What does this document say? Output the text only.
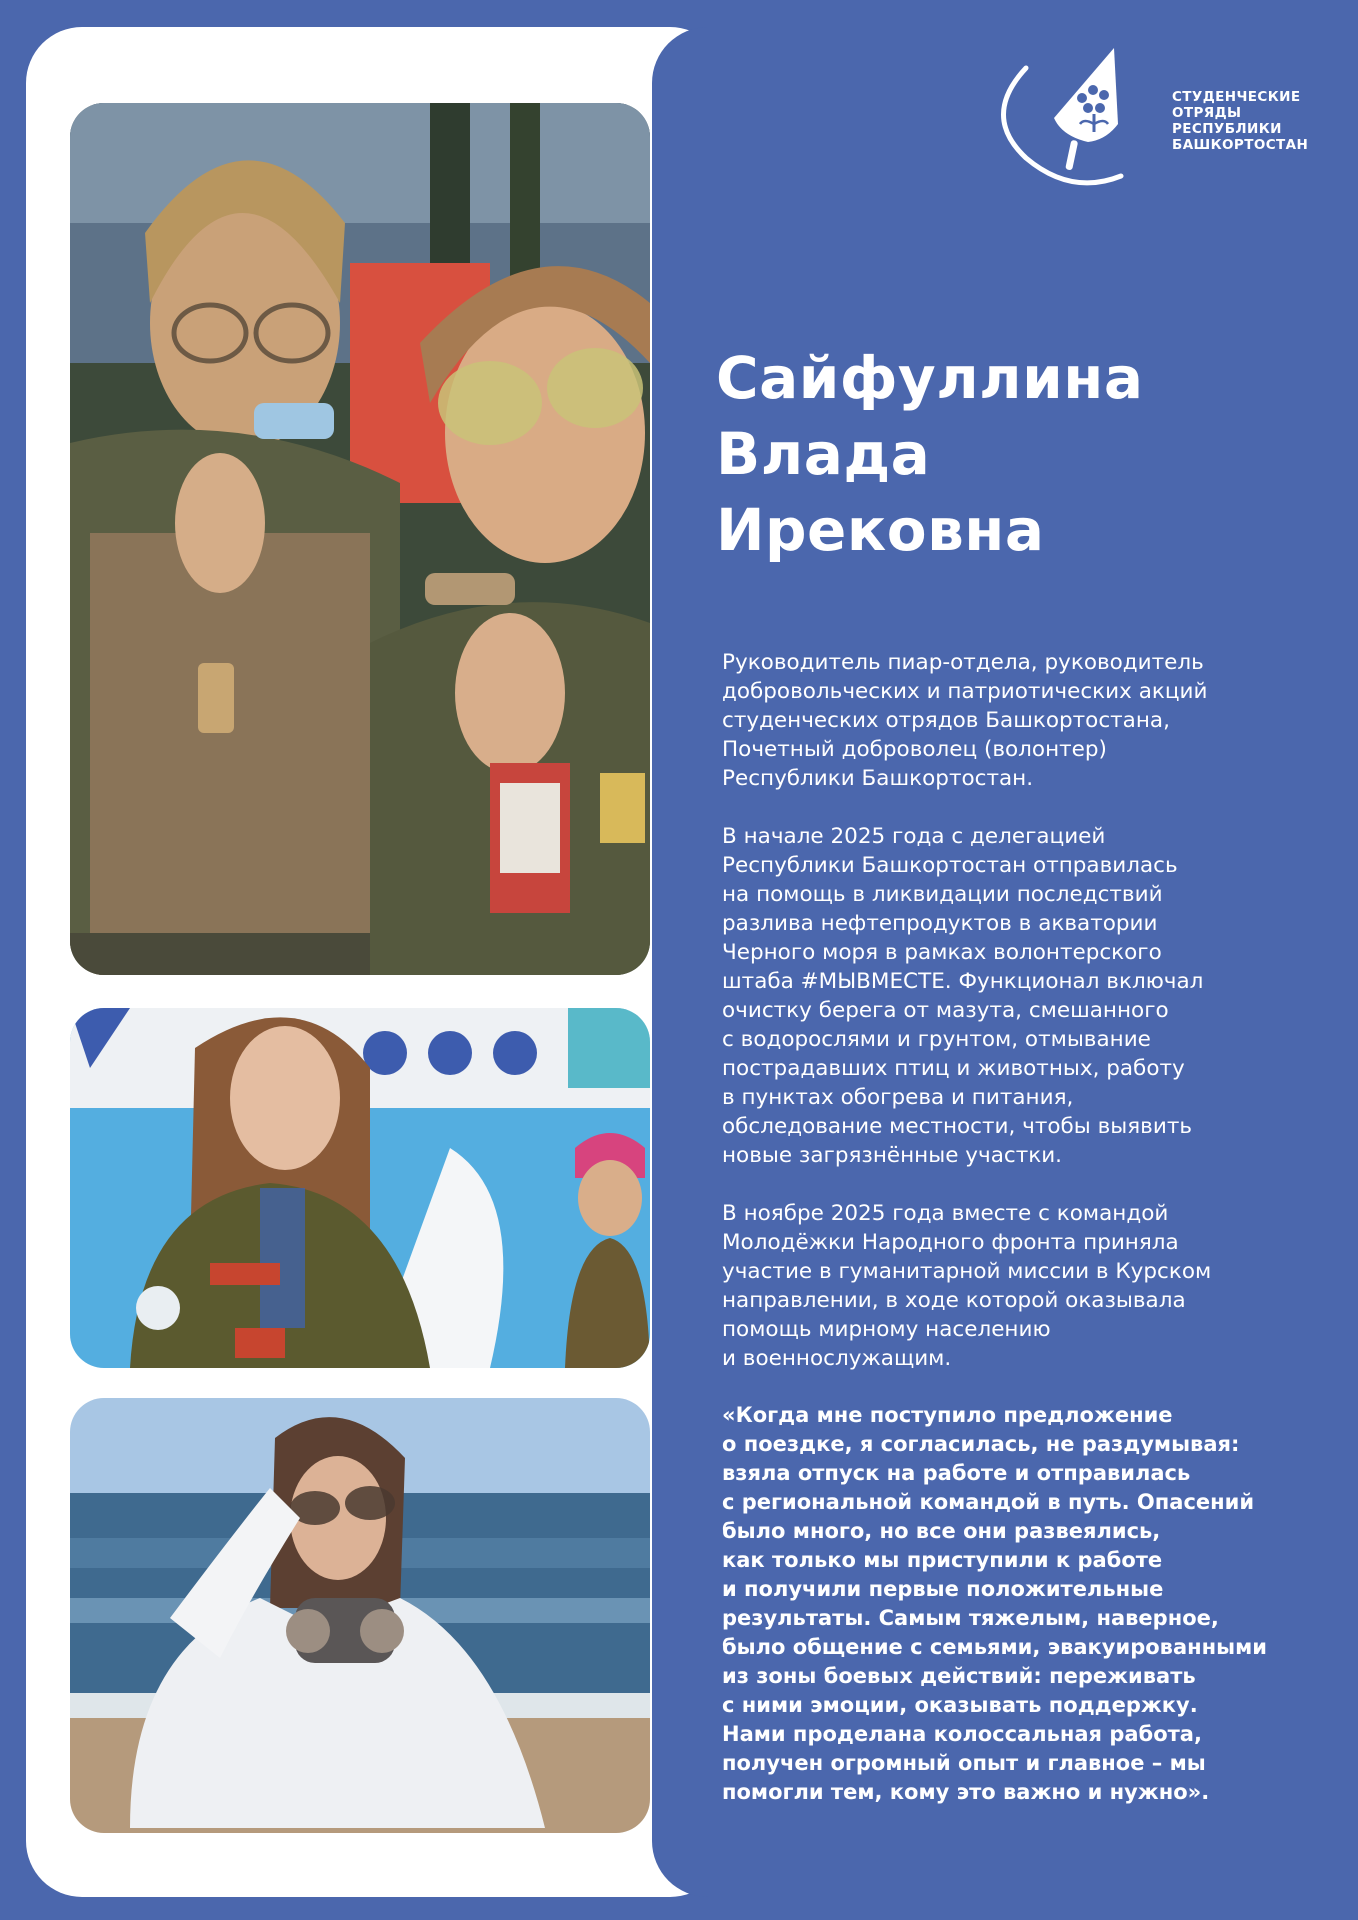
СТУДЕНЧЕСКИЕ
ОТРЯДЫ
РЕСПУБЛИКИ
БАШКОРТОСТАН
Сайфуллина
Влада
Ирековна
Руководитель пиар-отдела, руководитель
добровольческих и патриотических акций
студенческих отрядов Башкортостана,
Почетный доброволец (волонтер)
Республики Башкортостан.
В начале 2025 года с делегацией
Республики Башкортостан отправилась
на помощь в ликвидации последствий
разлива нефтепродуктов в акватории
Черного моря в рамках волонтерского
штаба #МЫВМЕСТЕ. Функционал включал
очистку берега от мазута, смешанного
с водорослями и грунтом, отмывание
пострадавших птиц и животных, работу
в пунктах обогрева и питания,
обследование местности, чтобы выявить
новые загрязнённые участки.
В ноябре 2025 года вместе с командой
Молодёжки Народного фронта приняла
участие в гуманитарной миссии в Курском
направлении, в ходе которой оказывала
помощь мирному населению
и военнослужащим.
«Когда мне поступило предложение
о поездке, я согласилась, не раздумывая:
взяла отпуск на работе и отправилась
с региональной командой в путь. Опасений
было много, но все они развеялись,
как только мы приступили к работе
и получили первые положительные
результаты. Самым тяжелым, наверное,
было общение с семьями, эвакуированными
из зоны боевых действий: переживать
с ними эмоции, оказывать поддержку.
Нами проделана колоссальная работа,
получен огромный опыт и главное – мы
помогли тем, кому это важно и нужно».
